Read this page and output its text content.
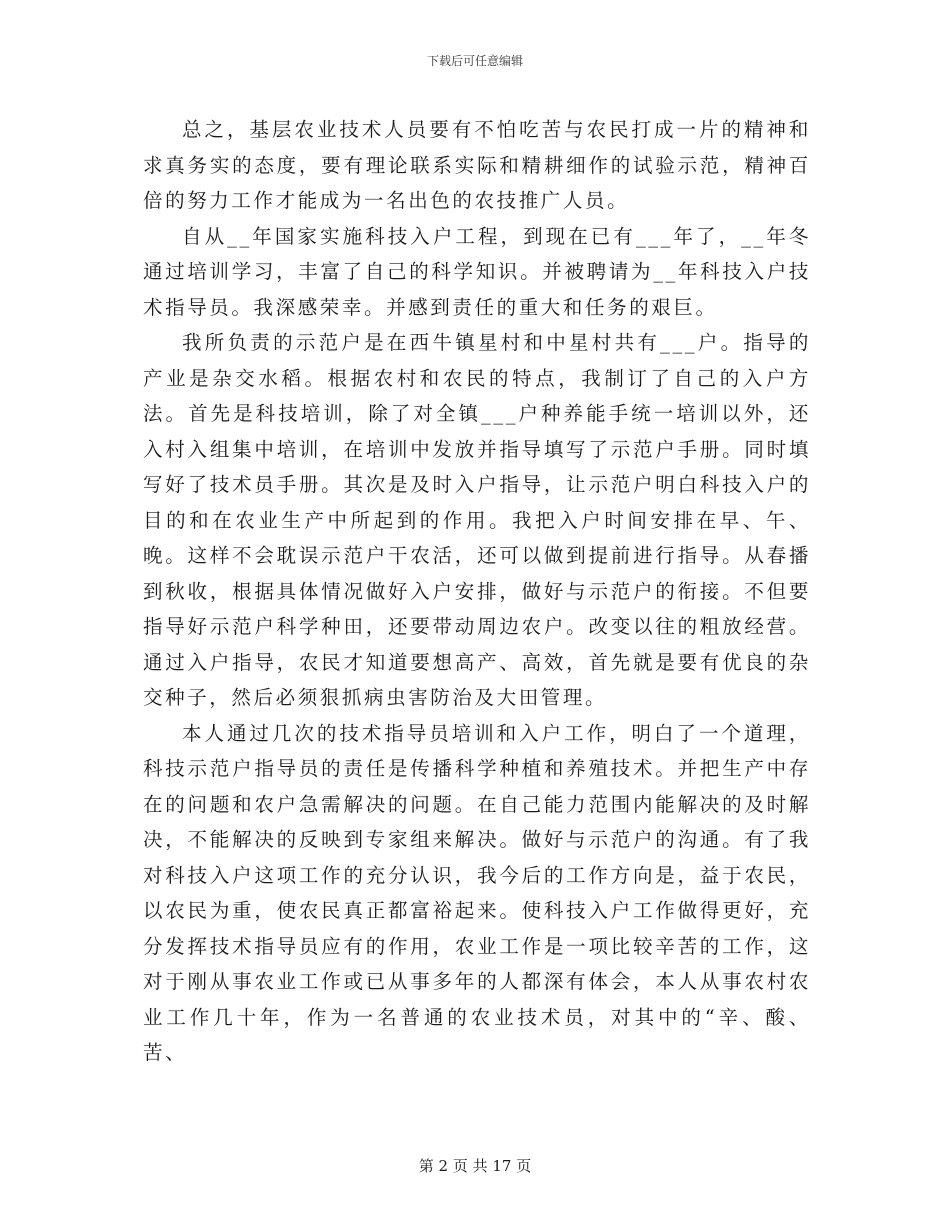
下载后可任意编辑

总之，基层农业技术人员要有不怕吃苦与农民打成一片的精神和求真务实的态度，要有理论联系实际和精耕细作的试验示范，精神百倍的努力工作才能成为一名出色的农技推广人员。

自从__年国家实施科技入户工程，到现在已有___年了，__年冬通过培训学习，丰富了自己的科学知识。并被聘请为__年科技入户技术指导员。我深感荣幸。并感到责任的重大和任务的艰巨。

我所负责的示范户是在西牛镇星村和中星村共有___户。指导的产业是杂交水稻。根据农村和农民的特点，我制订了自己的入户方法。首先是科技培训，除了对全镇___户种养能手统一培训以外，还入村入组集中培训，在培训中发放并指导填写了示范户手册。同时填写好了技术员手册。其次是及时入户指导，让示范户明白科技入户的目的和在农业生产中所起到的作用。我把入户时间安排在早、午、晚。这样不会耽误示范户干农活，还可以做到提前进行指导。从春播到秋收，根据具体情况做好入户安排，做好与示范户的衔接。不但要指导好示范户科学种田，还要带动周边农户。改变以往的粗放经营。通过入户指导，农民才知道要想高产、高效，首先就是要有优良的杂交种子，然后必须狠抓病虫害防治及大田管理。

本人通过几次的技术指导员培训和入户工作，明白了一个道理，科技示范户指导员的责任是传播科学种植和养殖技术。并把生产中存在的问题和农户急需解决的问题。在自己能力范围内能解决的及时解决，不能解决的反映到专家组来解决。做好与示范户的沟通。有了我对科技入户这项工作的充分认识，我今后的工作方向是，益于农民，以农民为重，使农民真正都富裕起来。使科技入户工作做得更好，充分发挥技术指导员应有的作用，农业工作是一项比较辛苦的工作，这对于刚从事农业工作或已从事多年的人都深有体会，本人从事农村农业工作几十年，作为一名普通的农业技术员，对其中的“辛、酸、苦、

第 2 页 共 17 页
